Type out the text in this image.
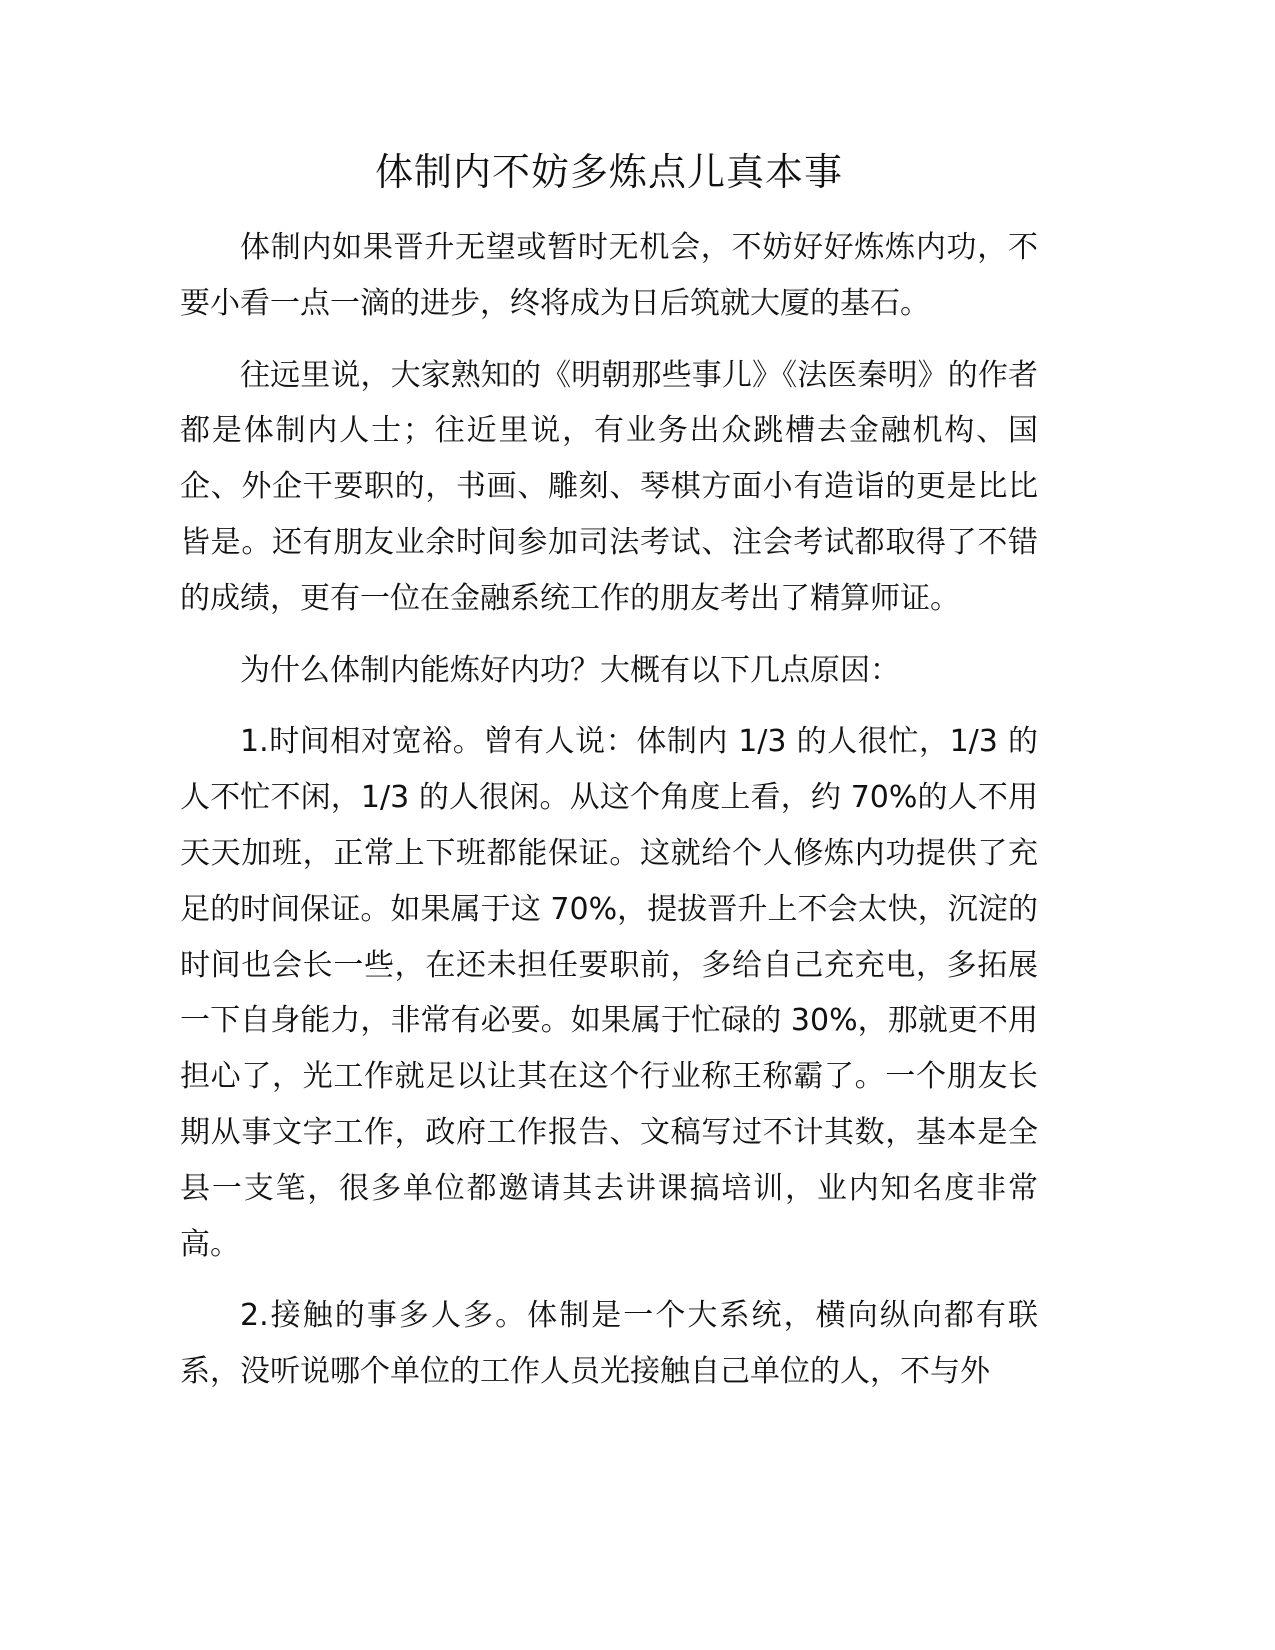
体制内不妨多炼点儿真本事

体制内如果晋升无望或暂时无机会，不妨好好炼炼内功，不要小看一点一滴的进步，终将成为日后筑就大厦的基石。

往远里说，大家熟知的《明朝那些事儿》《法医秦明》的作者都是体制内人士；往近里说，有业务出众跳槽去金融机构、国企、外企干要职的，书画、雕刻、琴棋方面小有造诣的更是比比皆是。还有朋友业余时间参加司法考试、注会考试都取得了不错的成绩，更有一位在金融系统工作的朋友考出了精算师证。

为什么体制内能炼好内功？大概有以下几点原因：

1.时间相对宽裕。曾有人说：体制内 1/3 的人很忙，1/3 的人不忙不闲，1/3 的人很闲。从这个角度上看，约 70%的人不用天天加班，正常上下班都能保证。这就给个人修炼内功提供了充足的时间保证。如果属于这 70%，提拔晋升上不会太快，沉淀的时间也会长一些，在还未担任要职前，多给自己充充电，多拓展一下自身能力，非常有必要。如果属于忙碌的 30%，那就更不用担心了，光工作就足以让其在这个行业称王称霸了。一个朋友长期从事文字工作，政府工作报告、文稿写过不计其数，基本是全县一支笔，很多单位都邀请其去讲课搞培训，业内知名度非常高。

2.接触的事多人多。体制是一个大系统，横向纵向都有联系，没听说哪个单位的工作人员光接触自己单位的人，不与外
